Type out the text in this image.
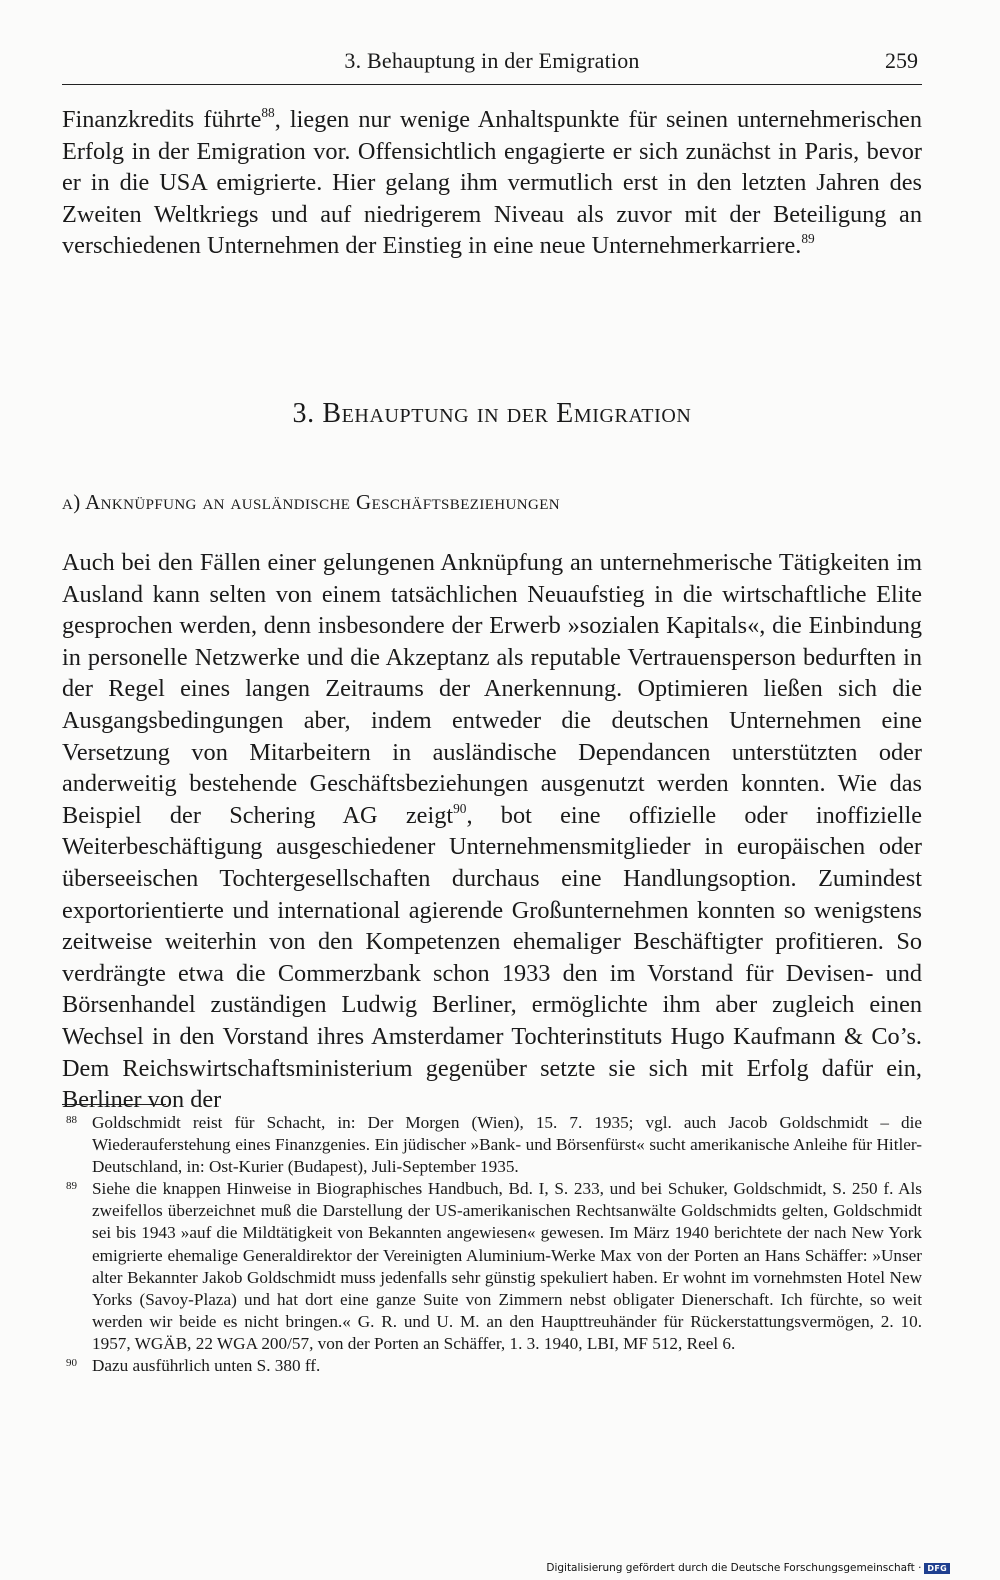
3. Behauptung in der Emigration	259

Finanzkredits führte$^{88}$, liegen nur wenige Anhaltspunkte für seinen unternehmerischen Erfolg in der Emigration vor. Offensichtlich engagierte er sich zunächst in Paris, bevor er in die USA emigrierte. Hier gelang ihm vermutlich erst in den letzten Jahren des Zweiten Weltkriegs und auf niedrigerem Niveau als zuvor mit der Beteiligung an verschiedenen Unternehmen der Einstieg in eine neue Unternehmerkarriere.$^{89}$

3. Behauptung in der Emigration
a) Anknüpfung an ausländische Geschäftsbeziehungen

Auch bei den Fällen einer gelungenen Anknüpfung an unternehmerische Tätigkeiten im Ausland kann selten von einem tatsächlichen Neuaufstieg in die wirtschaftliche Elite gesprochen werden, denn insbesondere der Erwerb »sozialen Kapitals«, die Einbindung in personelle Netzwerke und die Akzeptanz als reputable Vertrauensperson bedurften in der Regel eines langen Zeitraums der Anerkennung. Optimieren ließen sich die Ausgangsbedingungen aber, indem entweder die deutschen Unternehmen eine Versetzung von Mitarbeitern in ausländische Dependancen unterstützten oder anderweitig bestehende Geschäftsbeziehungen ausgenutzt werden konnten. Wie das Beispiel der Schering AG zeigt$^{90}$, bot eine offizielle oder inoffizielle Weiterbeschäftigung ausgeschiedener Unternehmensmitglieder in europäischen oder überseeischen Tochtergesellschaften durchaus eine Handlungsoption. Zumindest exportorientierte und international agierende Großunternehmen konnten so wenigstens zeitweise weiterhin von den Kompetenzen ehemaliger Beschäftigter profitieren. So verdrängte etwa die Commerzbank schon 1933 den im Vorstand für Devisen- und Börsenhandel zuständigen Ludwig Berliner, ermöglichte ihm aber zugleich einen Wechsel in den Vorstand ihres Amsterdamer Tochterinstituts Hugo Kaufmann & Co’s. Dem Reichswirtschaftsministerium gegenüber setzte sie sich mit Erfolg dafür ein, Berliner von der

88 Goldschmidt reist für Schacht, in: Der Morgen (Wien), 15. 7. 1935; vgl. auch Jacob Goldschmidt – die Wiederauferstehung eines Finanzgenies. Ein jüdischer »Bank- und Börsenfürst« sucht amerikanische Anleihe für Hitler-Deutschland, in: Ost-Kurier (Budapest), Juli-September 1935.
89 Siehe die knappen Hinweise in Biographisches Handbuch, Bd. I, S. 233, und bei Schuker, Goldschmidt, S. 250 f. Als zweifellos überzeichnet muß die Darstellung der US-amerikanischen Rechtsanwälte Goldschmidts gelten, Goldschmidt sei bis 1943 »auf die Mildtätigkeit von Bekannten angewiesen« gewesen. Im März 1940 berichtete der nach New York emigrierte ehemalige Generaldirektor der Vereinigten Aluminium-Werke Max von der Porten an Hans Schäffer: »Unser alter Bekannter Jakob Goldschmidt muss jedenfalls sehr günstig spekuliert haben. Er wohnt im vornehmsten Hotel New Yorks (Savoy-Plaza) und hat dort eine ganze Suite von Zimmern nebst obligater Dienerschaft. Ich fürchte, so weit werden wir beide es nicht bringen.« G. R. und U. M. an den Haupttreuhänder für Rückerstattungsvermögen, 2. 10. 1957, WGÄB, 22 WGA 200/57, von der Porten an Schäffer, 1. 3. 1940, LBI, MF 512, Reel 6.
90 Dazu ausführlich unten S. 380 ff.
Digitalisierung gefördert durch die Deutsche Forschungsgemeinschaft · DFG
